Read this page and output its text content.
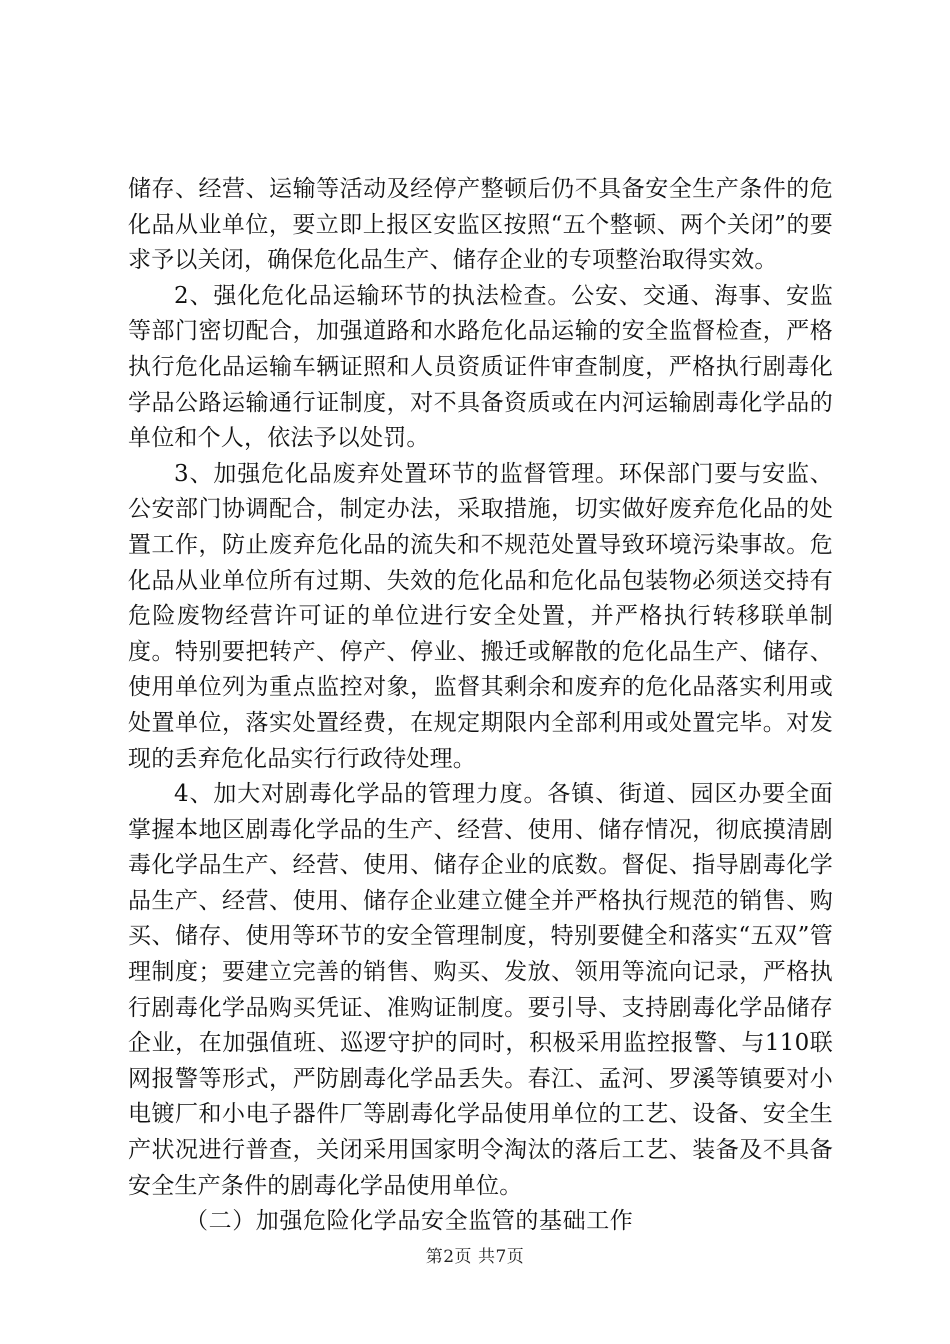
储存、经营、运输等活动及经停产整顿后仍不具备安全生产条件的危化品从业单位，要立即上报区安监区按照“五个整顿、两个关闭”的要求予以关闭，确保危化品生产、储存企业的专项整治取得实效。

2、强化危化品运输环节的执法检查。公安、交通、海事、安监等部门密切配合，加强道路和水路危化品运输的安全监督检查，严格执行危化品运输车辆证照和人员资质证件审查制度，严格执行剧毒化学品公路运输通行证制度，对不具备资质或在内河运输剧毒化学品的单位和个人，依法予以处罚。

3、加强危化品废弃处置环节的监督管理。环保部门要与安监、公安部门协调配合，制定办法，采取措施，切实做好废弃危化品的处置工作，防止废弃危化品的流失和不规范处置导致环境污染事故。危化品从业单位所有过期、失效的危化品和危化品包装物必须送交持有危险废物经营许可证的单位进行安全处置，并严格执行转移联单制度。特别要把转产、停产、停业、搬迁或解散的危化品生产、储存、使用单位列为重点监控对象，监督其剩余和废弃的危化品落实利用或处置单位，落实处置经费，在规定期限内全部利用或处置完毕。对发现的丢弃危化品实行行政待处理。

4、加大对剧毒化学品的管理力度。各镇、街道、园区办要全面掌握本地区剧毒化学品的生产、经营、使用、储存情况，彻底摸清剧毒化学品生产、经营、使用、储存企业的底数。督促、指导剧毒化学品生产、经营、使用、储存企业建立健全并严格执行规范的销售、购买、储存、使用等环节的安全管理制度，特别要健全和落实“五双”管理制度；要建立完善的销售、购买、发放、领用等流向记录，严格执行剧毒化学品购买凭证、准购证制度。要引导、支持剧毒化学品储存企业，在加强值班、巡逻守护的同时，积极采用监控报警、与110联网报警等形式，严防剧毒化学品丢失。春江、孟河、罗溪等镇要对小电镀厂和小电子器件厂等剧毒化学品使用单位的工艺、设备、安全生产状况进行普查，关闭采用国家明令淘汰的落后工艺、装备及不具备安全生产条件的剧毒化学品使用单位。

（二）加强危险化学品安全监管的基础工作

第2页 共7页
